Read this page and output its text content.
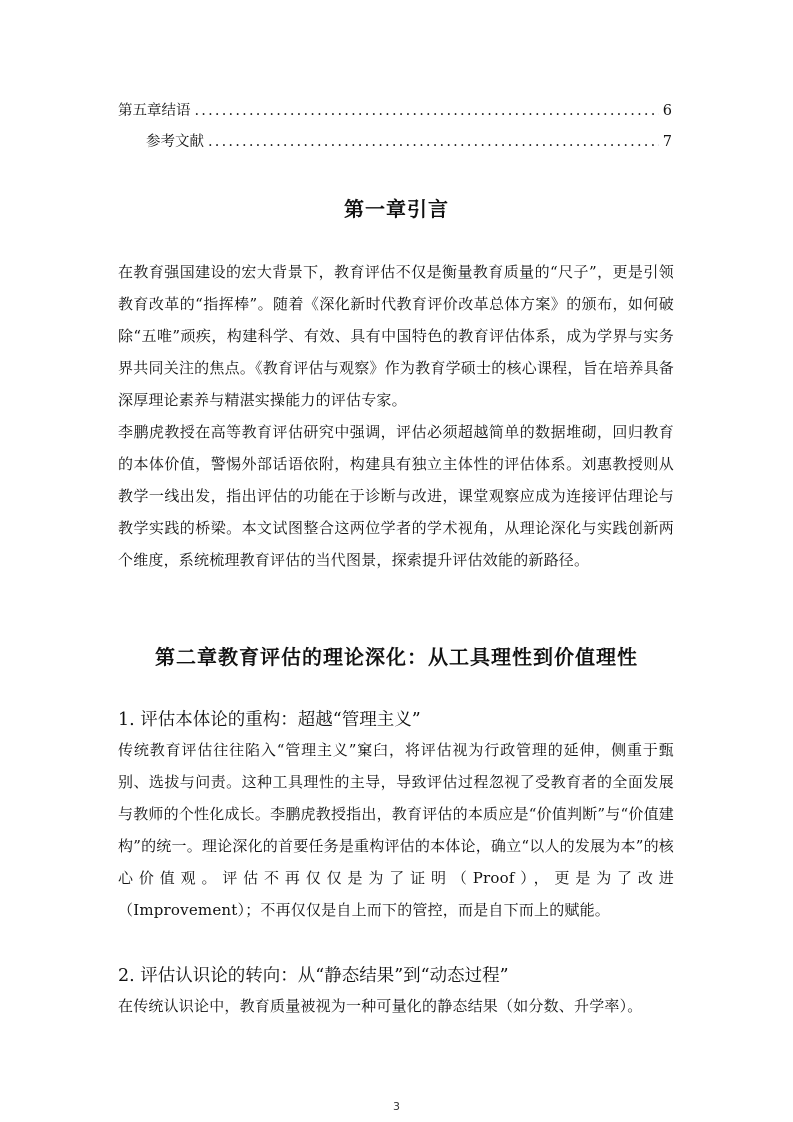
第五章结语 .....	6
参考文献 .....	7
第一章引言
在教育强国建设的宏大背景下，教育评估不仅是衡量教育质量的“尺子”，更是引领教育改革的“指挥棒”。随着《深化新时代教育评价改革总体方案》的颁布，如何破除“五唯”顽疾，构建科学、有效、具有中国特色的教育评估体系，成为学界与实务界共同关注的焦点。《教育评估与观察》作为教育学硕士的核心课程，旨在培养具备深厚理论素养与精湛实操能力的评估专家。
李鹏虎教授在高等教育评估研究中强调，评估必须超越简单的数据堆砌，回归教育的本体价值，警惕外部话语依附，构建具有独立主体性的评估体系。刘惠教授则从教学一线出发，指出评估的功能在于诊断与改进，课堂观察应成为连接评估理论与教学实践的桥梁。本文试图整合这两位学者的学术视角，从理论深化与实践创新两个维度，系统梳理教育评估的当代图景，探索提升评估效能的新路径。
第二章教育评估的理论深化：从工具理性到价值理性
1. 评估本体论的重构：超越“管理主义”
传统教育评估往往陷入“管理主义”窠臼，将评估视为行政管理的延伸，侧重于甄别、选拔与问责。这种工具理性的主导，导致评估过程忽视了受教育者的全面发展与教师的个性化成长。李鹏虎教授指出，教育评估的本质应是“价值判断”与“价值建构”的统一。理论深化的首要任务是重构评估的本体论，确立“以人的发展为本”的核心价值观。评估不再仅仅是为了证明（Proof），更是为了改进（Improvement）；不再仅仅是自上而下的管控，而是自下而上的赋能。
2. 评估认识论的转向：从“静态结果”到“动态过程”
在传统认识论中，教育质量被视为一种可量化的静态结果（如分数、升学率）。
3
